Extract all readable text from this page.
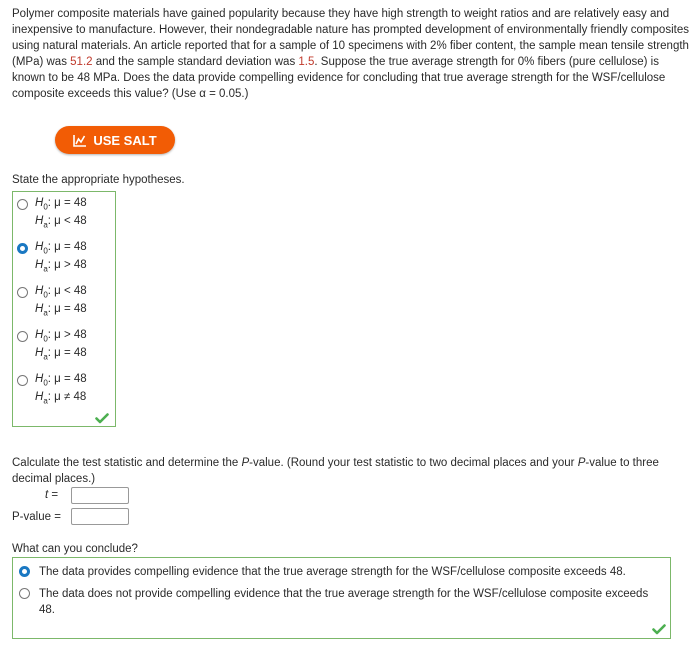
Polymer composite materials have gained popularity because they have high strength to weight ratios and are relatively easy and inexpensive to manufacture. However, their nondegradable nature has prompted development of environmentally friendly composites using natural materials. An article reported that for a sample of 10 specimens with 2% fiber content, the sample mean tensile strength (MPa) was 51.2 and the sample standard deviation was 1.5. Suppose the true average strength for 0% fibers (pure cellulose) is known to be 48 MPa. Does the data provide compelling evidence for concluding that true average strength for the WSF/cellulose composite exceeds this value? (Use α = 0.05.)
USE SALT
State the appropriate hypotheses.
$H_0$: μ = 48
$H_a$: μ < 48
$H_0$: μ = 48
$H_a$: μ > 48
$H_0$: μ < 48
$H_a$: μ = 48
$H_0$: μ > 48
$H_a$: μ = 48
$H_0$: μ = 48
$H_a$: μ ≠ 48
Calculate the test statistic and determine the P-value. (Round your test statistic to two decimal places and your P-value to three decimal places.)
t =
P-value =
What can you conclude?
The data provides compelling evidence that the true average strength for the WSF/cellulose composite exceeds 48.
The data does not provide compelling evidence that the true average strength for the WSF/cellulose composite exceeds 48.
